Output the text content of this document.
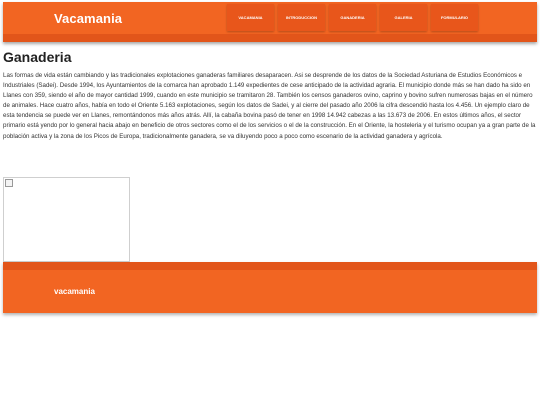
Vacamania	VACAMANIA	INTRODUCCION	GANADERIA	GALERIA	FORMULARIO
Ganaderia

Las formas de vida están cambiando y las tradicionales explotaciones ganaderas familiares desaparacen. Asi se desprende de los datos de la Sociedad Asturiana de Estudios Económicos e Industriales (Sadei). Desde 1994, los Ayuntamientos de la comarca han aprobado 1.149 expedientes de cese anticipado de la actividad agraria. El municipio donde más se han dado ha sido en Llanes con 359, siendo el año de mayor cantidad 1999, cuando en este municipio se tramitaron 28. También los censos ganaderos ovino, caprino y bovino sufren numerosas bajas en el número de animales. Hace cuatro años, había en todo el Oriente 5.163 explotaciones, según los datos de Sadei, y al cierre del pasado año 2006 la cifra descendió hasta los 4.456. Un ejemplo claro de esta tendencia se puede ver en Llanes, remontándonos más años atrás. Allí, la cabaña bovina pasó de tener en 1998 14.942 cabezas a las 13.673 de 2006. En estos últimos años, el sector primario está yendo por lo general hacia abajo en beneficio de otros sectores como el de los servicios o el de la construcción. En el Oriente, la hosteleria y el turismo ocupan ya a gran parte de la población activa y la zona de los Picos de Europa, tradicionalmente ganadera, se va diluyendo poco a poco como escenario de la actividad ganadera y agrícola.

vacamania
